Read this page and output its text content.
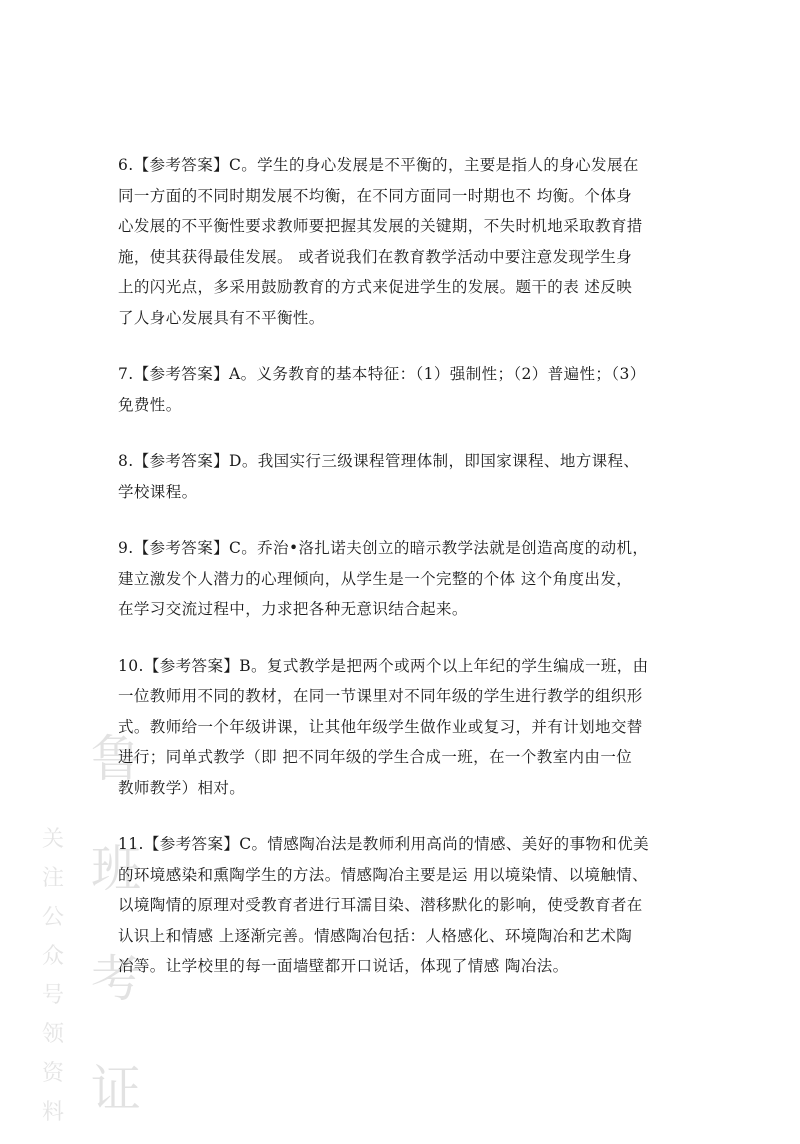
关
注
公
众
号
领
资
料
鲁
班
考
证

6.【参考答案】C。学生的身心发展是不平衡的，主要是指人的身心发展在
同一方面的不同时期发展不均衡，在不同方面同一时期也不 均衡。个体身
心发展的不平衡性要求教师要把握其发展的关键期，不失时机地采取教育措
施，使其获得最佳发展。 或者说我们在教育教学活动中要注意发现学生身
上的闪光点，多采用鼓励教育的方式来促进学生的发展。题干的表 述反映
了人身心发展具有不平衡性。

7.【参考答案】A。义务教育的基本特征：（1）强制性；（2）普遍性；（3）
免费性。

8.【参考答案】D。我国实行三级课程管理体制，即国家课程、地方课程、
学校课程。

9.【参考答案】C。乔治•洛扎诺夫创立的暗示教学法就是创造高度的动机，
建立激发个人潜力的心理倾向，从学生是一个完整的个体 这个角度出发，
在学习交流过程中，力求把各种无意识结合起来。

10.【参考答案】B。复式教学是把两个或两个以上年纪的学生编成一班，由
一位教师用不同的教材，在同一节课里对不同年级的学生进行教学的组织形
式。教师给一个年级讲课，让其他年级学生做作业或复习，并有计划地交替
进行；同单式教学（即 把不同年级的学生合成一班，在一个教室内由一位
教师教学）相对。

11.【参考答案】C。情感陶冶法是教师利用高尚的情感、美好的事物和优美
的环境感染和熏陶学生的方法。情感陶冶主要是运 用以境染情、以境触情、
以境陶情的原理对受教育者进行耳濡目染、潜移默化的影响，使受教育者在
认识上和情感 上逐渐完善。情感陶冶包括：人格感化、环境陶冶和艺术陶
冶等。让学校里的每一面墙壁都开口说话，体现了情感 陶冶法。
